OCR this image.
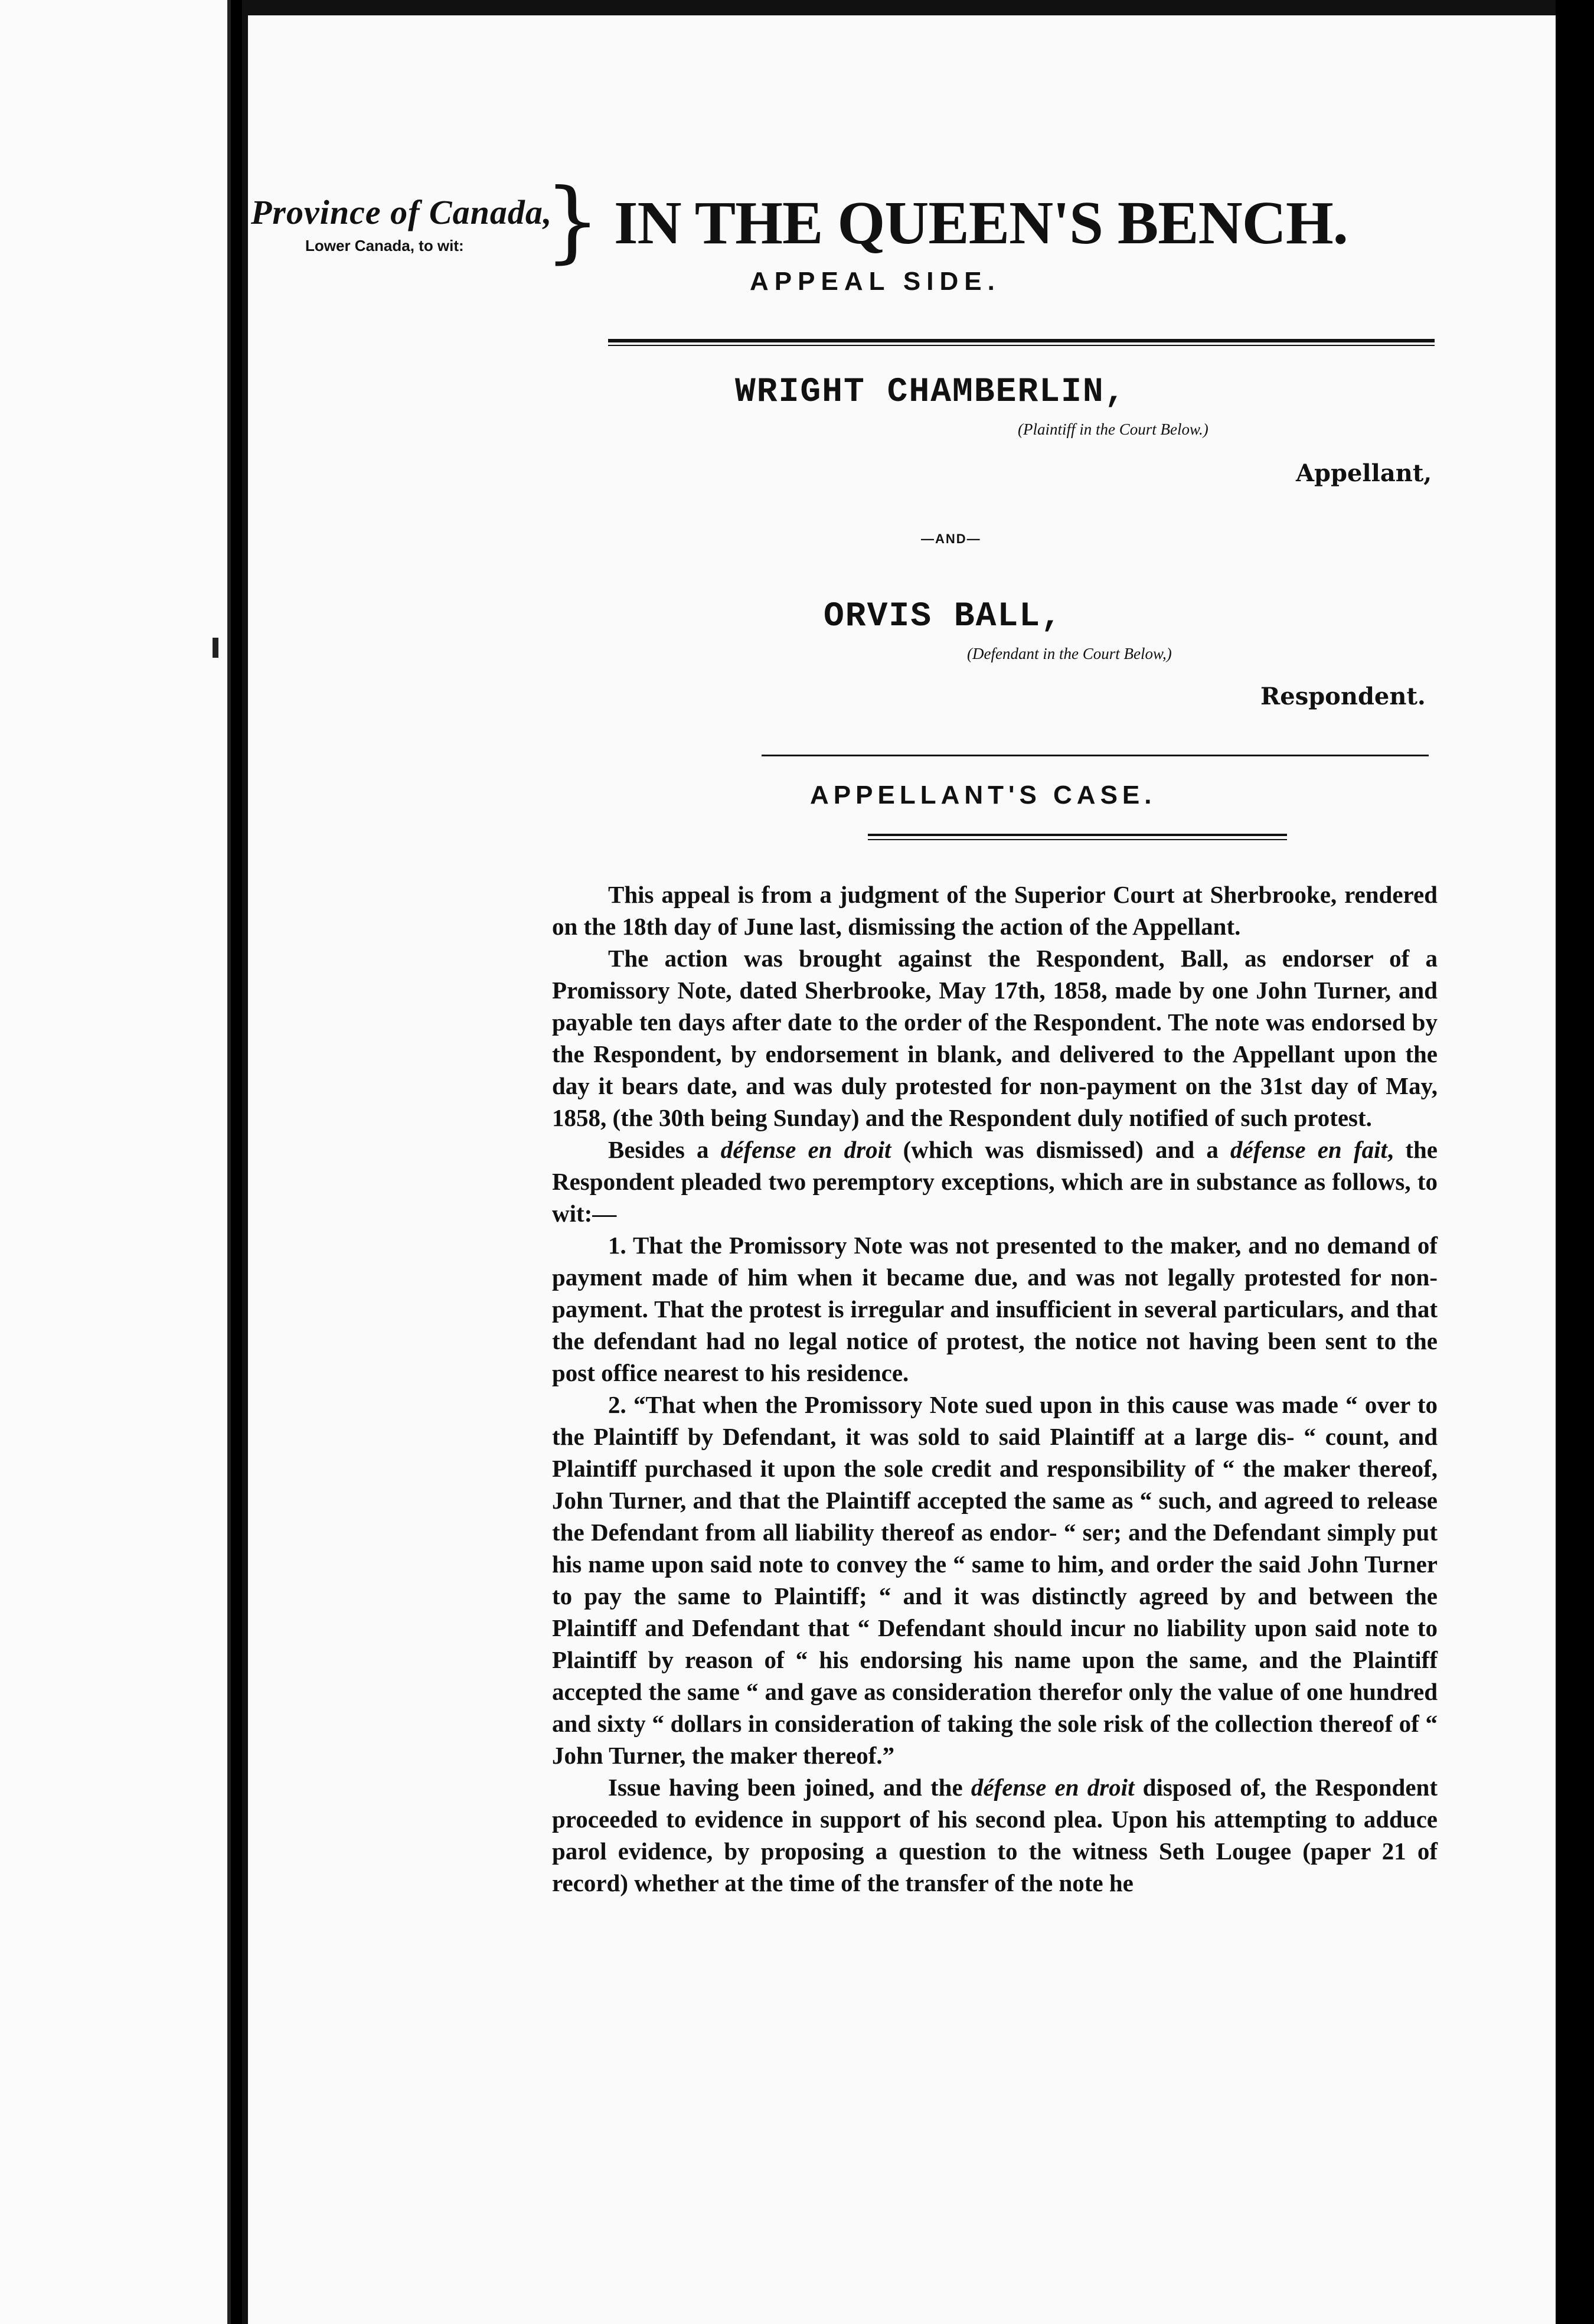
Province of Canada,
Lower Canada, to wit: } IN THE QUEEN'S BENCH.
APPEAL SIDE.
WRIGHT CHAMBERLIN,
(Plaintiff in the Court Below.)
Appellant,
—AND—
ORVIS BALL,
(Defendant in the Court Below,)
Respondent.
APPELLANT'S CASE.

This appeal is from a judgment of the Superior Court at Sherbrooke, rendered on the 18th day of June last, dismissing the action of the Appellant.

The action was brought against the Respondent, Ball, as endorser of a Promissory Note, dated Sherbrooke, May 17th, 1858, made by one John Turner, and payable ten days after date to the order of the Respondent. The note was endorsed by the Respondent, by endorsement in blank, and delivered to the Appellant upon the day it bears date, and was duly protested for non-payment on the 31st day of May, 1858, (the 30th being Sunday) and the Respondent duly notified of such protest.

Besides a défense en droit (which was dismissed) and a défense en fait, the Respondent pleaded two peremptory exceptions, which are in substance as follows, to wit:—

1. That the Promissory Note was not presented to the maker, and no demand of payment made of him when it became due, and was not legally protested for non-payment. That the protest is irregular and insufficient in several particulars, and that the defendant had no legal notice of protest, the notice not having been sent to the post office nearest to his residence.

2. “That when the Promissory Note sued upon in this cause was made “ over to the Plaintiff by Defendant, it was sold to said Plaintiff at a large dis- “ count, and Plaintiff purchased it upon the sole credit and responsibility of “ the maker thereof, John Turner, and that the Plaintiff accepted the same as “ such, and agreed to release the Defendant from all liability thereof as endor- “ ser; and the Defendant simply put his name upon said note to convey the “ same to him, and order the said John Turner to pay the same to Plaintiff; “ and it was distinctly agreed by and between the Plaintiff and Defendant that “ Defendant should incur no liability upon said note to Plaintiff by reason of “ his endorsing his name upon the same, and the Plaintiff accepted the same “ and gave as consideration therefor only the value of one hundred and sixty “ dollars in consideration of taking the sole risk of the collection thereof of “ John Turner, the maker thereof.”

Issue having been joined, and the défense en droit disposed of, the Respondent proceeded to evidence in support of his second plea. Upon his attempting to adduce parol evidence, by proposing a question to the witness Seth Lougee (paper 21 of record) whether at the time of the transfer of the note he
